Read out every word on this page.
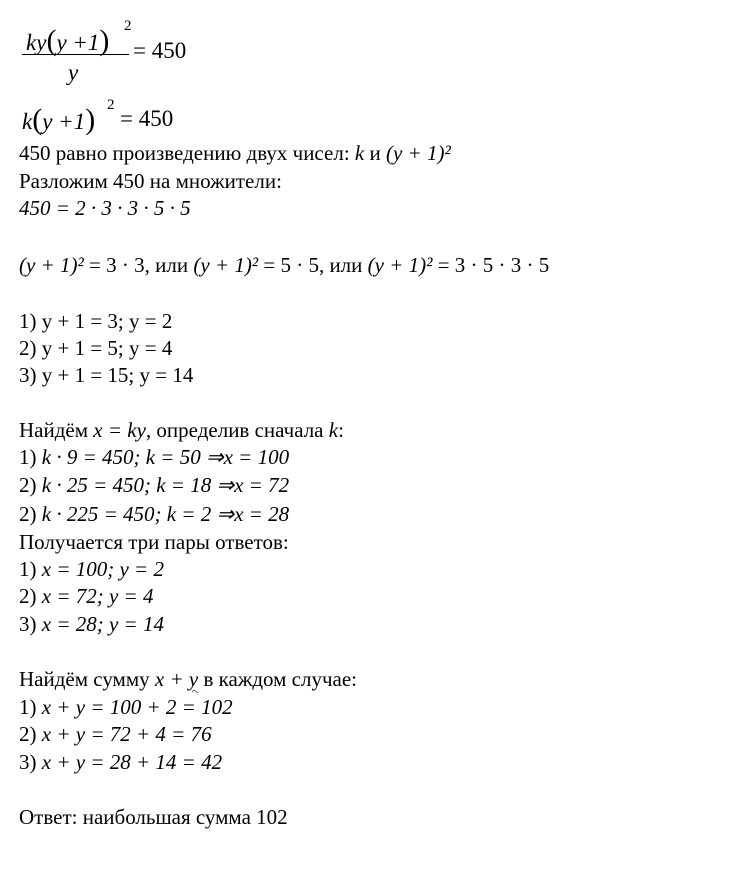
ky(y +1) 2
y
= 450
k(y +1) 2
= 450
450 равно произведению двух чисел: k и (y + 1)²
Разложим 450 на множители:
450 = 2 · 3 · 3 · 5 · 5
(y + 1)² = 3 · 3, или (y + 1)² = 5 · 5, или (y + 1)² = 3 · 5 · 3 · 5
1) y + 1 = 3; y = 2
2) y + 1 = 5; y = 4
3) y + 1 = 15; y = 14
Найдём x = ky, определив сначала k:
1) k · 9 = 450; k = 50 ⇒x = 100
2) k · 25 = 450; k = 18 ⇒x = 72
2) k · 225 = 450; k = 2 ⇒x = 28
Получается три пары ответов:
1) x = 100; y = 2
2) x = 72; y = 4
3) x = 28; y = 14
Найдём сумму x + y в каждом случае:
1) x + y = 100 + 2 = 102
2) x + y = 72 + 4 = 76
3) x + y = 28 + 14 = 42
Ответ: наибольшая сумма 102
